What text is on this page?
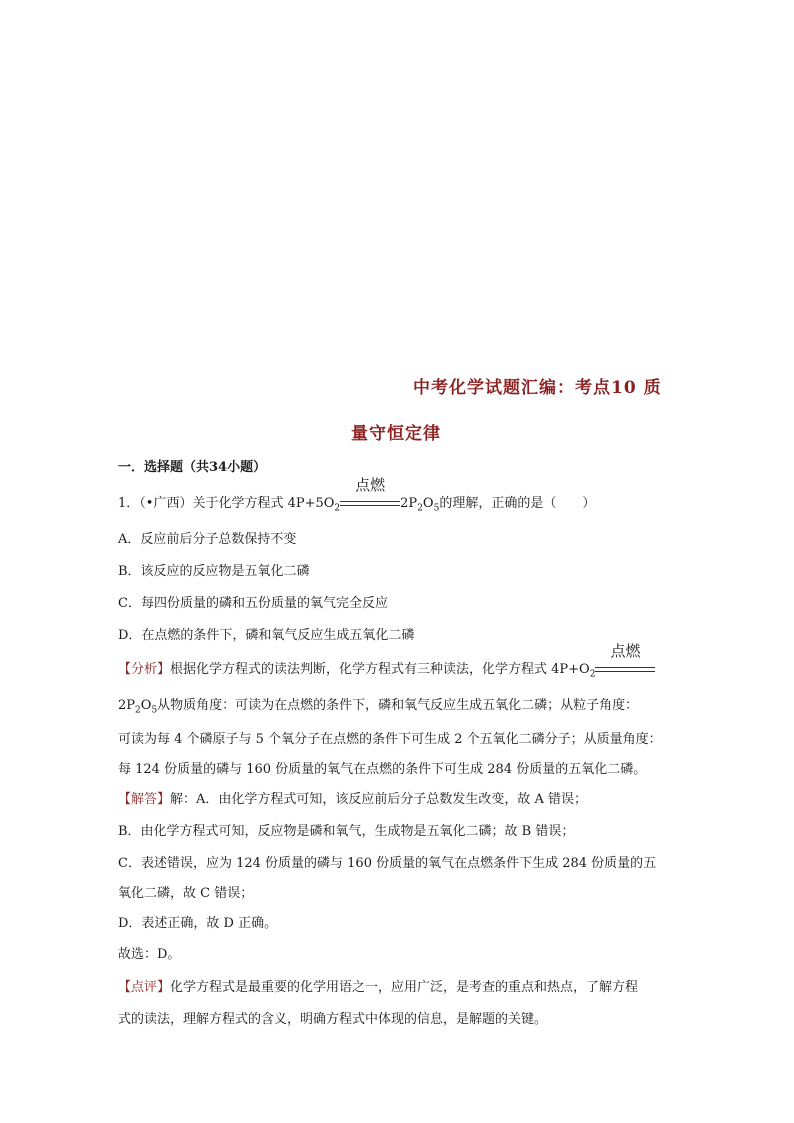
中考化学试题汇编：考点10 质
量守恒定律
一．选择题（共34小题）
1．（•广西）关于化学方程式 $4P+5O_2$
点燃
$2P_2O_5$的理解，正确的是（　　）
A．反应前后分子总数保持不变
B．该反应的反应物是五氧化二磷
C．每四份质量的磷和五份质量的氧气完全反应
D．在点燃的条件下，磷和氧气反应生成五氧化二磷
【分析】根据化学方程式的读法判断，化学方程式有三种读法，化学方程式 $4P+O_2$
点燃
$2P_2O_5$从物质角度：可读为在点燃的条件下，磷和氧气反应生成五氧化二磷；从粒子角度：
可读为每 4 个磷原子与 5 个氧分子在点燃的条件下可生成 2 个五氧化二磷分子；从质量角度：
每 124 份质量的磷与 160 份质量的氧气在点燃的条件下可生成 284 份质量的五氧化二磷。
【解答】解：A．由化学方程式可知，该反应前后分子总数发生改变，故 A 错误；
B．由化学方程式可知，反应物是磷和氧气，生成物是五氧化二磷；故 B 错误；
C．表述错误，应为 124 份质量的磷与 160 份质量的氧气在点燃条件下生成 284 份质量的五
氧化二磷，故 C 错误；
D．表述正确，故 D 正确。
故选：D。
【点评】化学方程式是最重要的化学用语之一，应用广泛，是考查的重点和热点，了解方程
式的读法，理解方程式的含义，明确方程式中体现的信息，是解题的关键。
